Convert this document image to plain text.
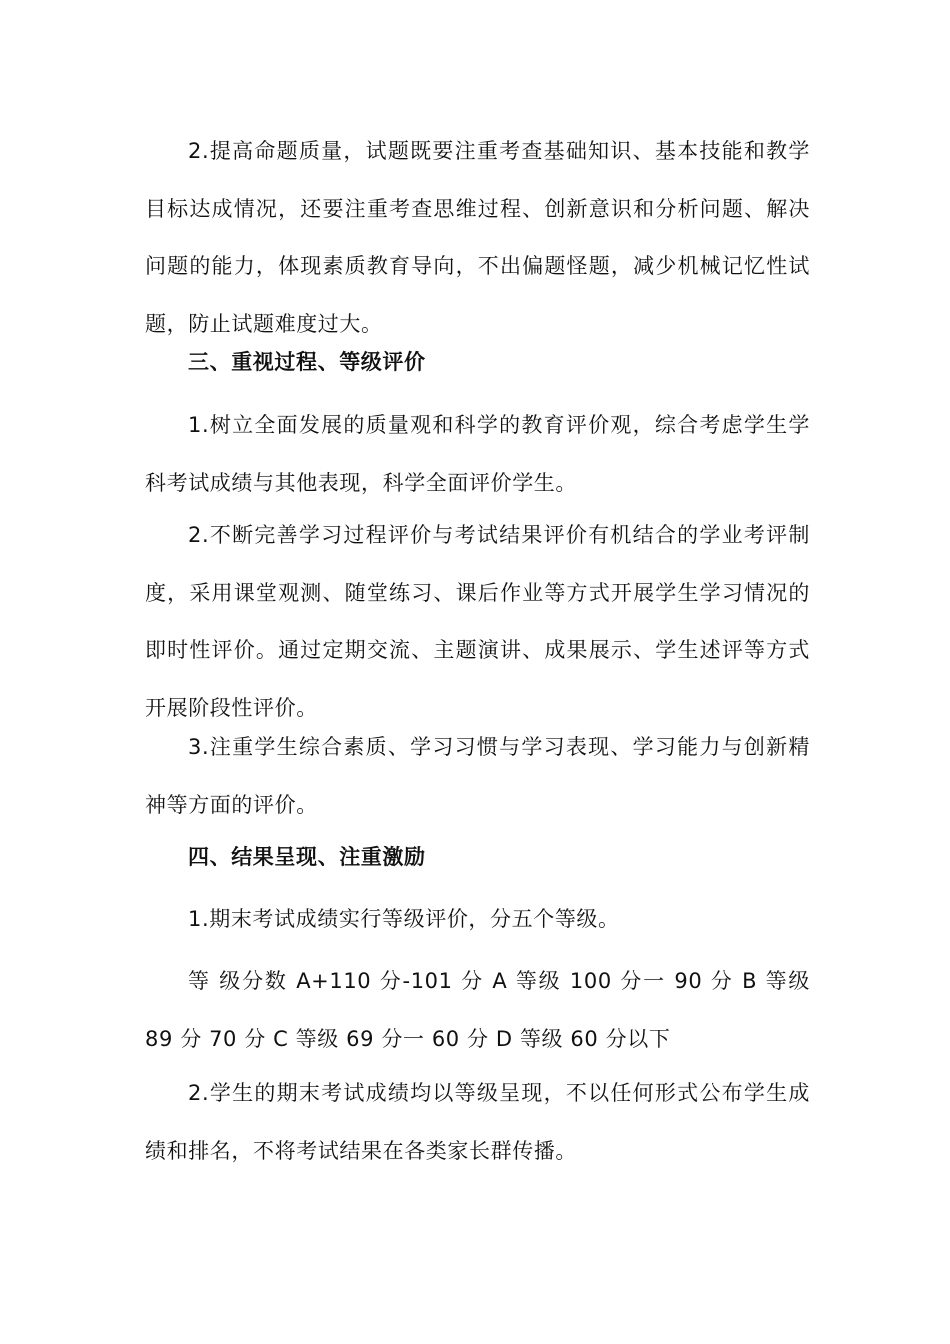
2.提高命题质量，试题既要注重考查基础知识、基本技能和教学目标达成情况，还要注重考查思维过程、创新意识和分析问题、解决问题的能力，体现素质教育导向，不出偏题怪题，减少机械记忆性试题，防止试题难度过大。

三、重视过程、等级评价

1.树立全面发展的质量观和科学的教育评价观，综合考虑学生学科考试成绩与其他表现，科学全面评价学生。

2.不断完善学习过程评价与考试结果评价有机结合的学业考评制度，采用课堂观测、随堂练习、课后作业等方式开展学生学习情况的即时性评价。通过定期交流、主题演讲、成果展示、学生述评等方式开展阶段性评价。

3.注重学生综合素质、学习习惯与学习表现、学习能力与创新精神等方面的评价。

四、结果呈现、注重激励

1.期末考试成绩实行等级评价，分五个等级。

等 级分数 A+110 分-101 分 A 等级 100 分一 90 分 B 等级 89 分 70 分 C 等级 69 分一 60 分 D 等级 60 分以下

2.学生的期末考试成绩均以等级呈现，不以任何形式公布学生成绩和排名，不将考试结果在各类家长群传播。
